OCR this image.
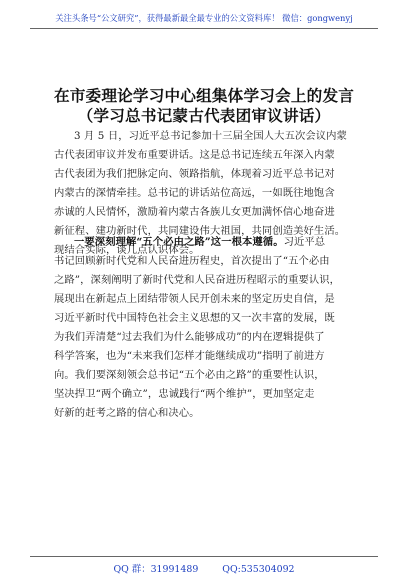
关注头条号“公文研究”，获得最新最全最专业的公文资料库！ 微信：gongwenyj
在市委理论学习中心组集体学习会上的发言
（学习总书记蒙古代表团审议讲话）
3 月 5 日，习近平总书记参加十三届全国人大五次会议内蒙
古代表团审议并发布重要讲话。这是总书记连续五年深入内蒙
古代表团为我们把脉定向、领路指航，体现着习近平总书记对
内蒙古的深情牵挂。总书记的讲话站位高远，一如既往地饱含
赤诚的人民情怀，激励着内蒙古各族儿女更加满怀信心地奋进
新征程、建功新时代，共同建设伟大祖国，共同创造美好生活。
现结合实际，谈几点认识体会。
一要深刻理解“五个必由之路”这一根本遵循。习近平总
书记回顾新时代党和人民奋进历程史，首次提出了“五个必由
之路”，深刻阐明了新时代党和人民奋进历程昭示的重要认识，
展现出在新起点上团结带领人民开创未来的坚定历史自信，是
习近平新时代中国特色社会主义思想的又一次丰富的发展，既
为我们弄清楚“过去我们为什么能够成功”的内在逻辑提供了
科学答案，也为“未来我们怎样才能继续成功”指明了前进方
向。我们要深刻领会总书记“五个必由之路”的重要性认识，
坚决捍卫“两个确立”，忠诚践行“两个维护”，更加坚定走
好新的赶考之路的信心和决心。
QQ 群：31991489	QQ:535304092
